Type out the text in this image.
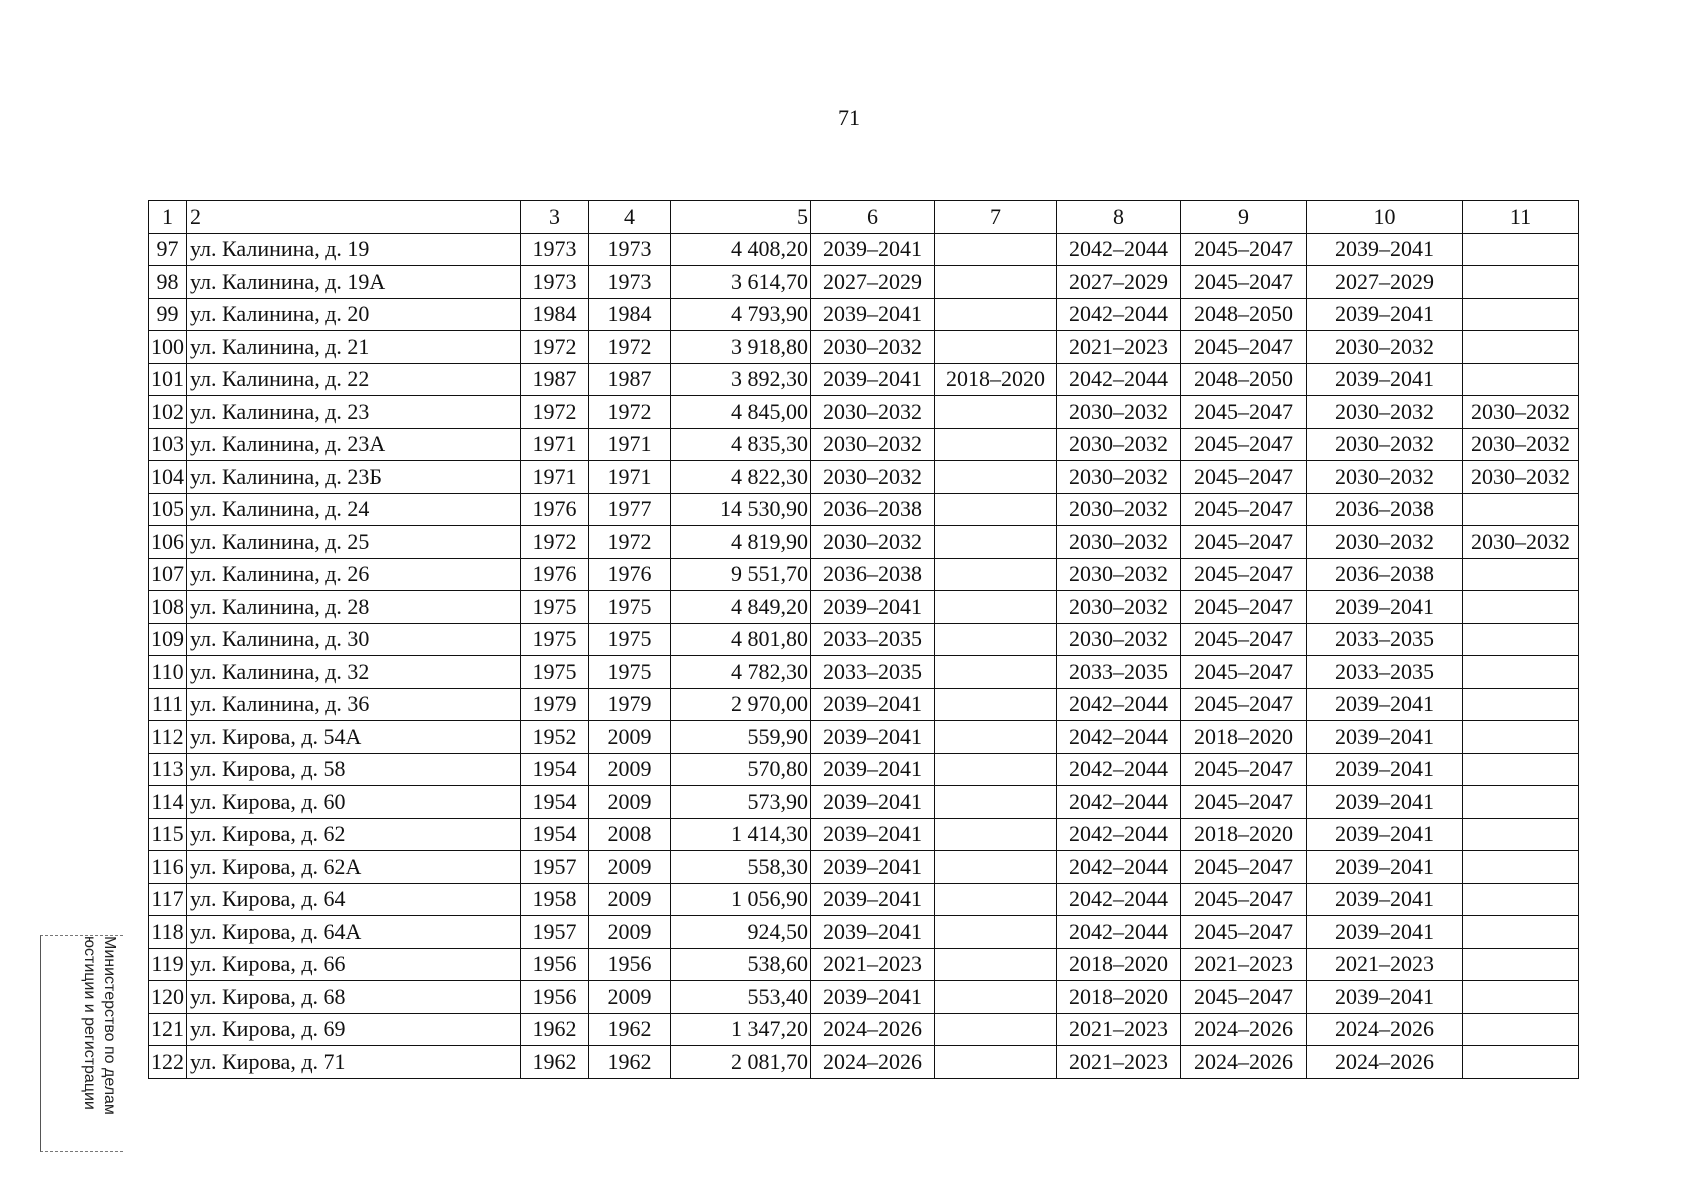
71
1	2	3	4	5	6	7	8	9	10	11
97	ул. Калинина, д. 19	1973	1973	4 408,20	2039–2041		2042–2044	2045–2047	2039–2041	
98	ул. Калинина, д. 19А	1973	1973	3 614,70	2027–2029		2027–2029	2045–2047	2027–2029	
99	ул. Калинина, д. 20	1984	1984	4 793,90	2039–2041		2042–2044	2048–2050	2039–2041	
100	ул. Калинина, д. 21	1972	1972	3 918,80	2030–2032		2021–2023	2045–2047	2030–2032	
101	ул. Калинина, д. 22	1987	1987	3 892,30	2039–2041	2018–2020	2042–2044	2048–2050	2039–2041	
102	ул. Калинина, д. 23	1972	1972	4 845,00	2030–2032		2030–2032	2045–2047	2030–2032	2030–2032
103	ул. Калинина, д. 23А	1971	1971	4 835,30	2030–2032		2030–2032	2045–2047	2030–2032	2030–2032
104	ул. Калинина, д. 23Б	1971	1971	4 822,30	2030–2032		2030–2032	2045–2047	2030–2032	2030–2032
105	ул. Калинина, д. 24	1976	1977	14 530,90	2036–2038		2030–2032	2045–2047	2036–2038	
106	ул. Калинина, д. 25	1972	1972	4 819,90	2030–2032		2030–2032	2045–2047	2030–2032	2030–2032
107	ул. Калинина, д. 26	1976	1976	9 551,70	2036–2038		2030–2032	2045–2047	2036–2038	
108	ул. Калинина, д. 28	1975	1975	4 849,20	2039–2041		2030–2032	2045–2047	2039–2041	
109	ул. Калинина, д. 30	1975	1975	4 801,80	2033–2035		2030–2032	2045–2047	2033–2035	
110	ул. Калинина, д. 32	1975	1975	4 782,30	2033–2035		2033–2035	2045–2047	2033–2035	
111	ул. Калинина, д. 36	1979	1979	2 970,00	2039–2041		2042–2044	2045–2047	2039–2041	
112	ул. Кирова, д. 54А	1952	2009	559,90	2039–2041		2042–2044	2018–2020	2039–2041	
113	ул. Кирова, д. 58	1954	2009	570,80	2039–2041		2042–2044	2045–2047	2039–2041	
114	ул. Кирова, д. 60	1954	2009	573,90	2039–2041		2042–2044	2045–2047	2039–2041	
115	ул. Кирова, д. 62	1954	2008	1 414,30	2039–2041		2042–2044	2018–2020	2039–2041	
116	ул. Кирова, д. 62А	1957	2009	558,30	2039–2041		2042–2044	2045–2047	2039–2041	
117	ул. Кирова, д. 64	1958	2009	1 056,90	2039–2041		2042–2044	2045–2047	2039–2041	
118	ул. Кирова, д. 64А	1957	2009	924,50	2039–2041		2042–2044	2045–2047	2039–2041	
119	ул. Кирова, д. 66	1956	1956	538,60	2021–2023		2018–2020	2021–2023	2021–2023	
120	ул. Кирова, д. 68	1956	2009	553,40	2039–2041		2018–2020	2045–2047	2039–2041	
121	ул. Кирова, д. 69	1962	1962	1 347,20	2024–2026		2021–2023	2024–2026	2024–2026	
122	ул. Кирова, д. 71	1962	1962	2 081,70	2024–2026		2021–2023	2024–2026	2024–2026	
Министерство по делам
юстиции и регистрации
